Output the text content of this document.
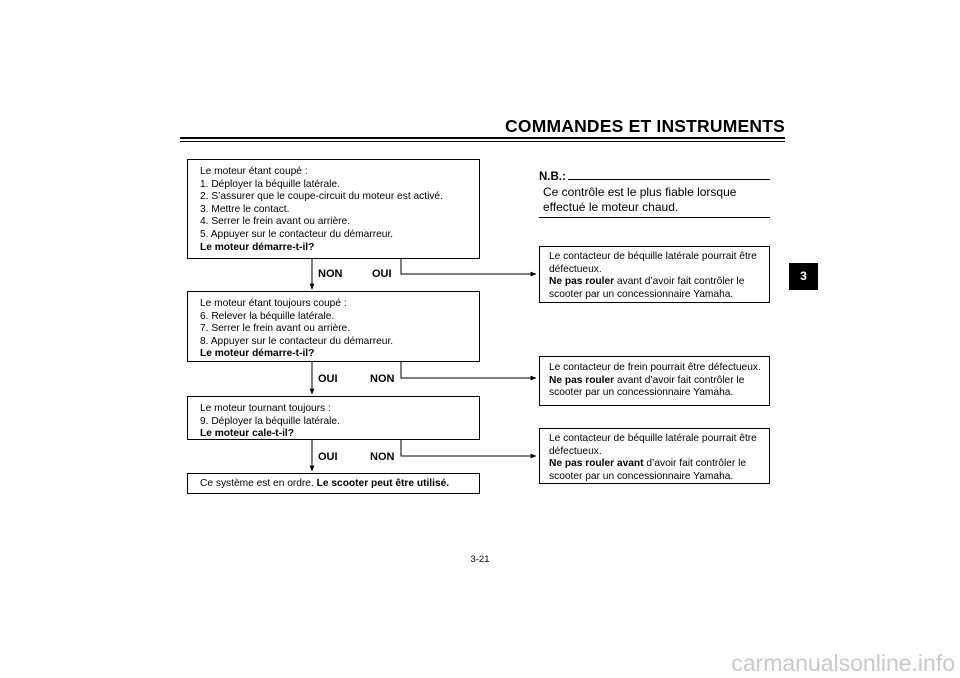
COMMANDES ET INSTRUMENTS
Le moteur étant coupé :
1. Déployer la béquille latérale.
2. S’assurer que le coupe-circuit du moteur est activé.
3. Mettre le contact.
4. Serrer le frein avant ou arrière.
5. Appuyer sur le contacteur du démarreur.
Le moteur démarre-t-il?
NON	OUI
Le moteur étant toujours coupé :
6. Relever la béquille latérale.
7. Serrer le frein avant ou arrière.
8. Appuyer sur le contacteur du démarreur.
Le moteur démarre-t-il?
OUI	NON
Le moteur tournant toujours :
9. Déployer la béquille latérale.
Le moteur cale-t-il?
OUI	NON
Ce système est en ordre. Le scooter peut être utilisé.
N.B.:
Ce contrôle est le plus fiable lorsque effectué le moteur chaud.
Le contacteur de béquille latérale pourrait être
défectueux.
Ne pas rouler avant d’avoir fait contrôler le
scooter par un concessionnaire Yamaha.
Le contacteur de frein pourrait être défectueux.
Ne pas rouler avant d’avoir fait contrôler le
scooter par un concessionnaire Yamaha.
Le contacteur de béquille latérale pourrait être
défectueux.
Ne pas rouler avant d’avoir fait contrôler le
scooter par un concessionnaire Yamaha.
3
3-21
carmanualsonline.info
